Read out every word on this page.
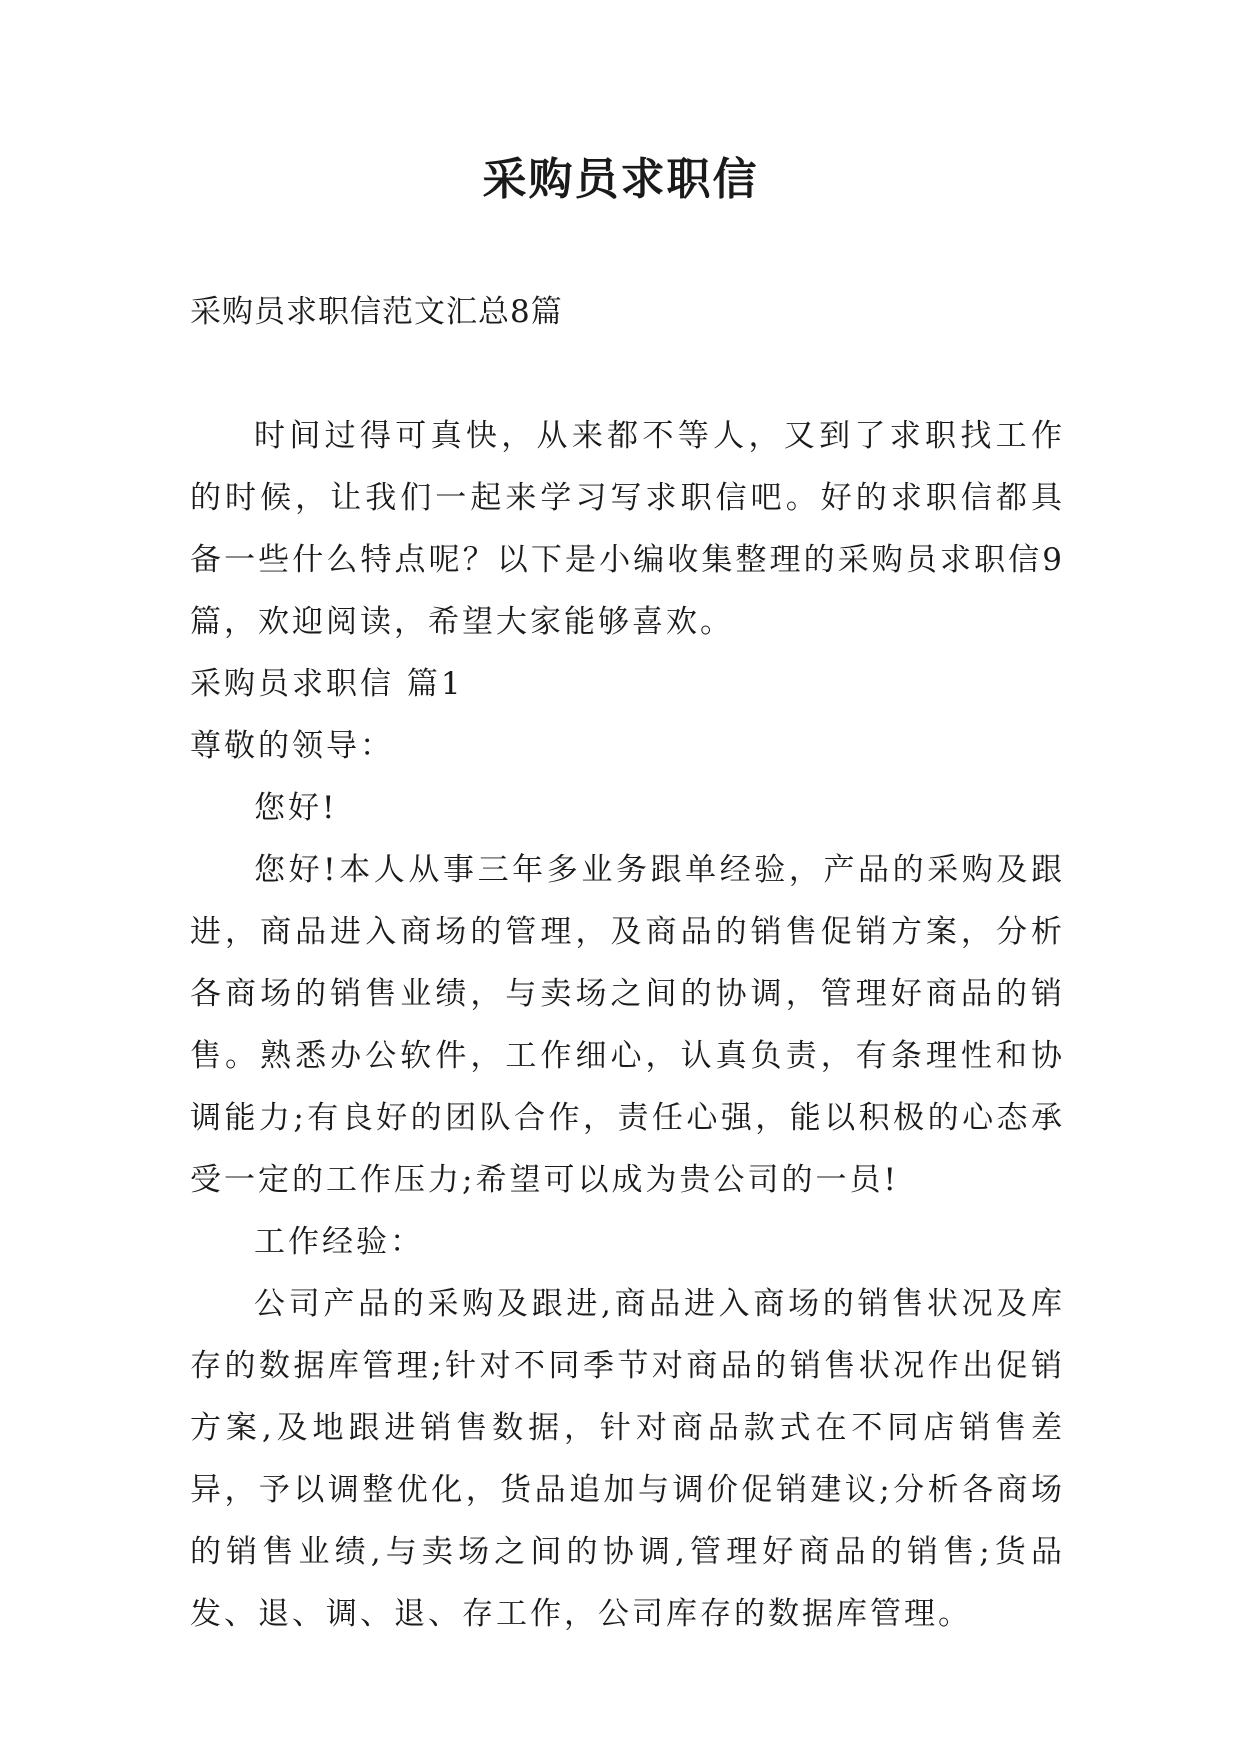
采购员求职信
采购员求职信范文汇总8篇

时间过得可真快，从来都不等人，又到了求职找工作的时候，让我们一起来学习写求职信吧。好的求职信都具备一些什么特点呢？以下是小编收集整理的采购员求职信9篇，欢迎阅读，希望大家能够喜欢。

采购员求职信 篇1

尊敬的领导：

您好!

您好!本人从事三年多业务跟单经验，产品的采购及跟进，商品进入商场的管理，及商品的销售促销方案，分析各商场的销售业绩，与卖场之间的协调，管理好商品的销售。熟悉办公软件，工作细心，认真负责，有条理性和协调能力;有良好的团队合作，责任心强，能以积极的心态承受一定的工作压力;希望可以成为贵公司的一员!

工作经验：

公司产品的采购及跟进,商品进入商场的销售状况及库存的数据库管理;针对不同季节对商品的销售状况作出促销方案,及地跟进销售数据，针对商品款式在不同店销售差异，予以调整优化，货品追加与调价促销建议;分析各商场的销售业绩,与卖场之间的协调,管理好商品的销售;货品发、退、调、退、存工作，公司库存的数据库管理。
